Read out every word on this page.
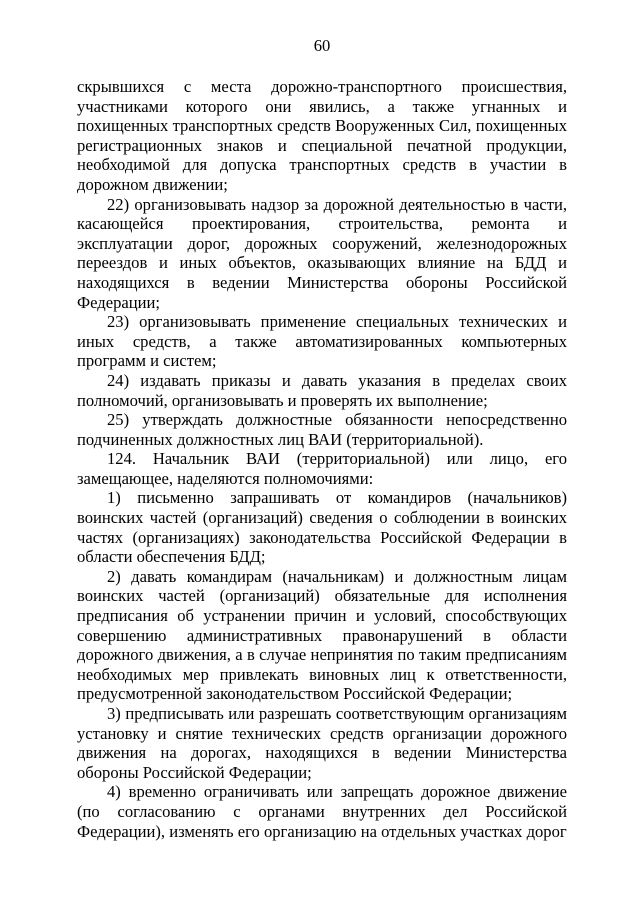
60

скрывшихся с места дорожно-транспортного происшествия, участниками которого они явились, а также угнанных и похищенных транспортных средств Вооруженных Сил, похищенных регистрационных знаков и специальной печатной продукции, необходимой для допуска транспортных средств в участии в дорожном движении;

22) организовывать надзор за дорожной деятельностью в части, касающейся проектирования, строительства, ремонта и эксплуатации дорог, дорожных сооружений, железнодорожных переездов и иных объектов, оказывающих влияние на БДД и находящихся в ведении Министерства обороны Российской Федерации;

23) организовывать применение специальных технических и иных средств, а также автоматизированных компьютерных программ и систем;

24) издавать приказы и давать указания в пределах своих полномочий, организовывать и проверять их выполнение;

25) утверждать должностные обязанности непосредственно подчиненных должностных лиц ВАИ (территориальной).

124. Начальник ВАИ (территориальной) или лицо, его замещающее, наделяются полномочиями:

1) письменно запрашивать от командиров (начальников) воинских частей (организаций) сведения о соблюдении в воинских частях (организациях) законодательства Российской Федерации в области обеспечения БДД;

2) давать командирам (начальникам) и должностным лицам воинских частей (организаций) обязательные для исполнения предписания об устранении причин и условий, способствующих совершению административных правонарушений в области дорожного движения, а в случае непринятия по таким предписаниям необходимых мер привлекать виновных лиц к ответственности, предусмотренной законодательством Российской Федерации;

3) предписывать или разрешать соответствующим организациям установку и снятие технических средств организации дорожного движения на дорогах, находящихся в ведении Министерства обороны Российской Федерации;

4) временно ограничивать или запрещать дорожное движение (по согласованию с органами внутренних дел Российской Федерации), изменять его организацию на отдельных участках дорог
